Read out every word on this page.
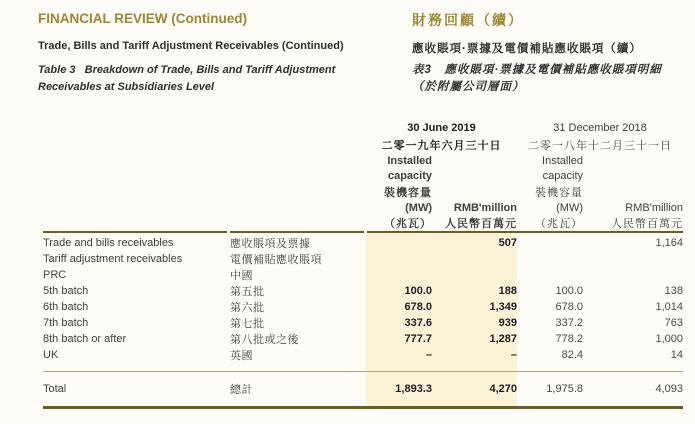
FINANCIAL REVIEW (Continued)	財務回顧（續）
Trade, Bills and Tariff Adjustment Receivables (Continued)	應收賬項·票據及電價補貼應收賬項（續）
Table 3   Breakdown of Trade, Bills and Tariff Adjustment
Receivables at Subsidiaries Level
表3　應收賬項·票據及電價補貼應收賬項明細
（於附屬公司層面）
		30 June 2019		31 December 2018	
		二零一九年六月三十日		二零一八年十二月三十一日	
		Installed		Installed	
		capacity		capacity	
		裝機容量		裝機容量	
		(MW)	RMB'million	(MW)	RMB'million
		（兆瓦）	人民幣百萬元	（兆瓦）	人民幣百萬元

Trade and bills receivables	應收賬項及票據		507		1,164
Tariff adjustment receivables	電價補貼應收賬項				
PRC	中國				
5th batch	第五批	100.0	188	100.0	138
6th batch	第六批	678.0	1,349	678.0	1,014
7th batch	第七批	337.6	939	337.2	763
8th batch or after	第八批或之後	777.7	1,287	778.2	1,000
UK	英國	–	–	82.4	14

Total	總計	1,893.3	4,270	1,975.8	4,093
